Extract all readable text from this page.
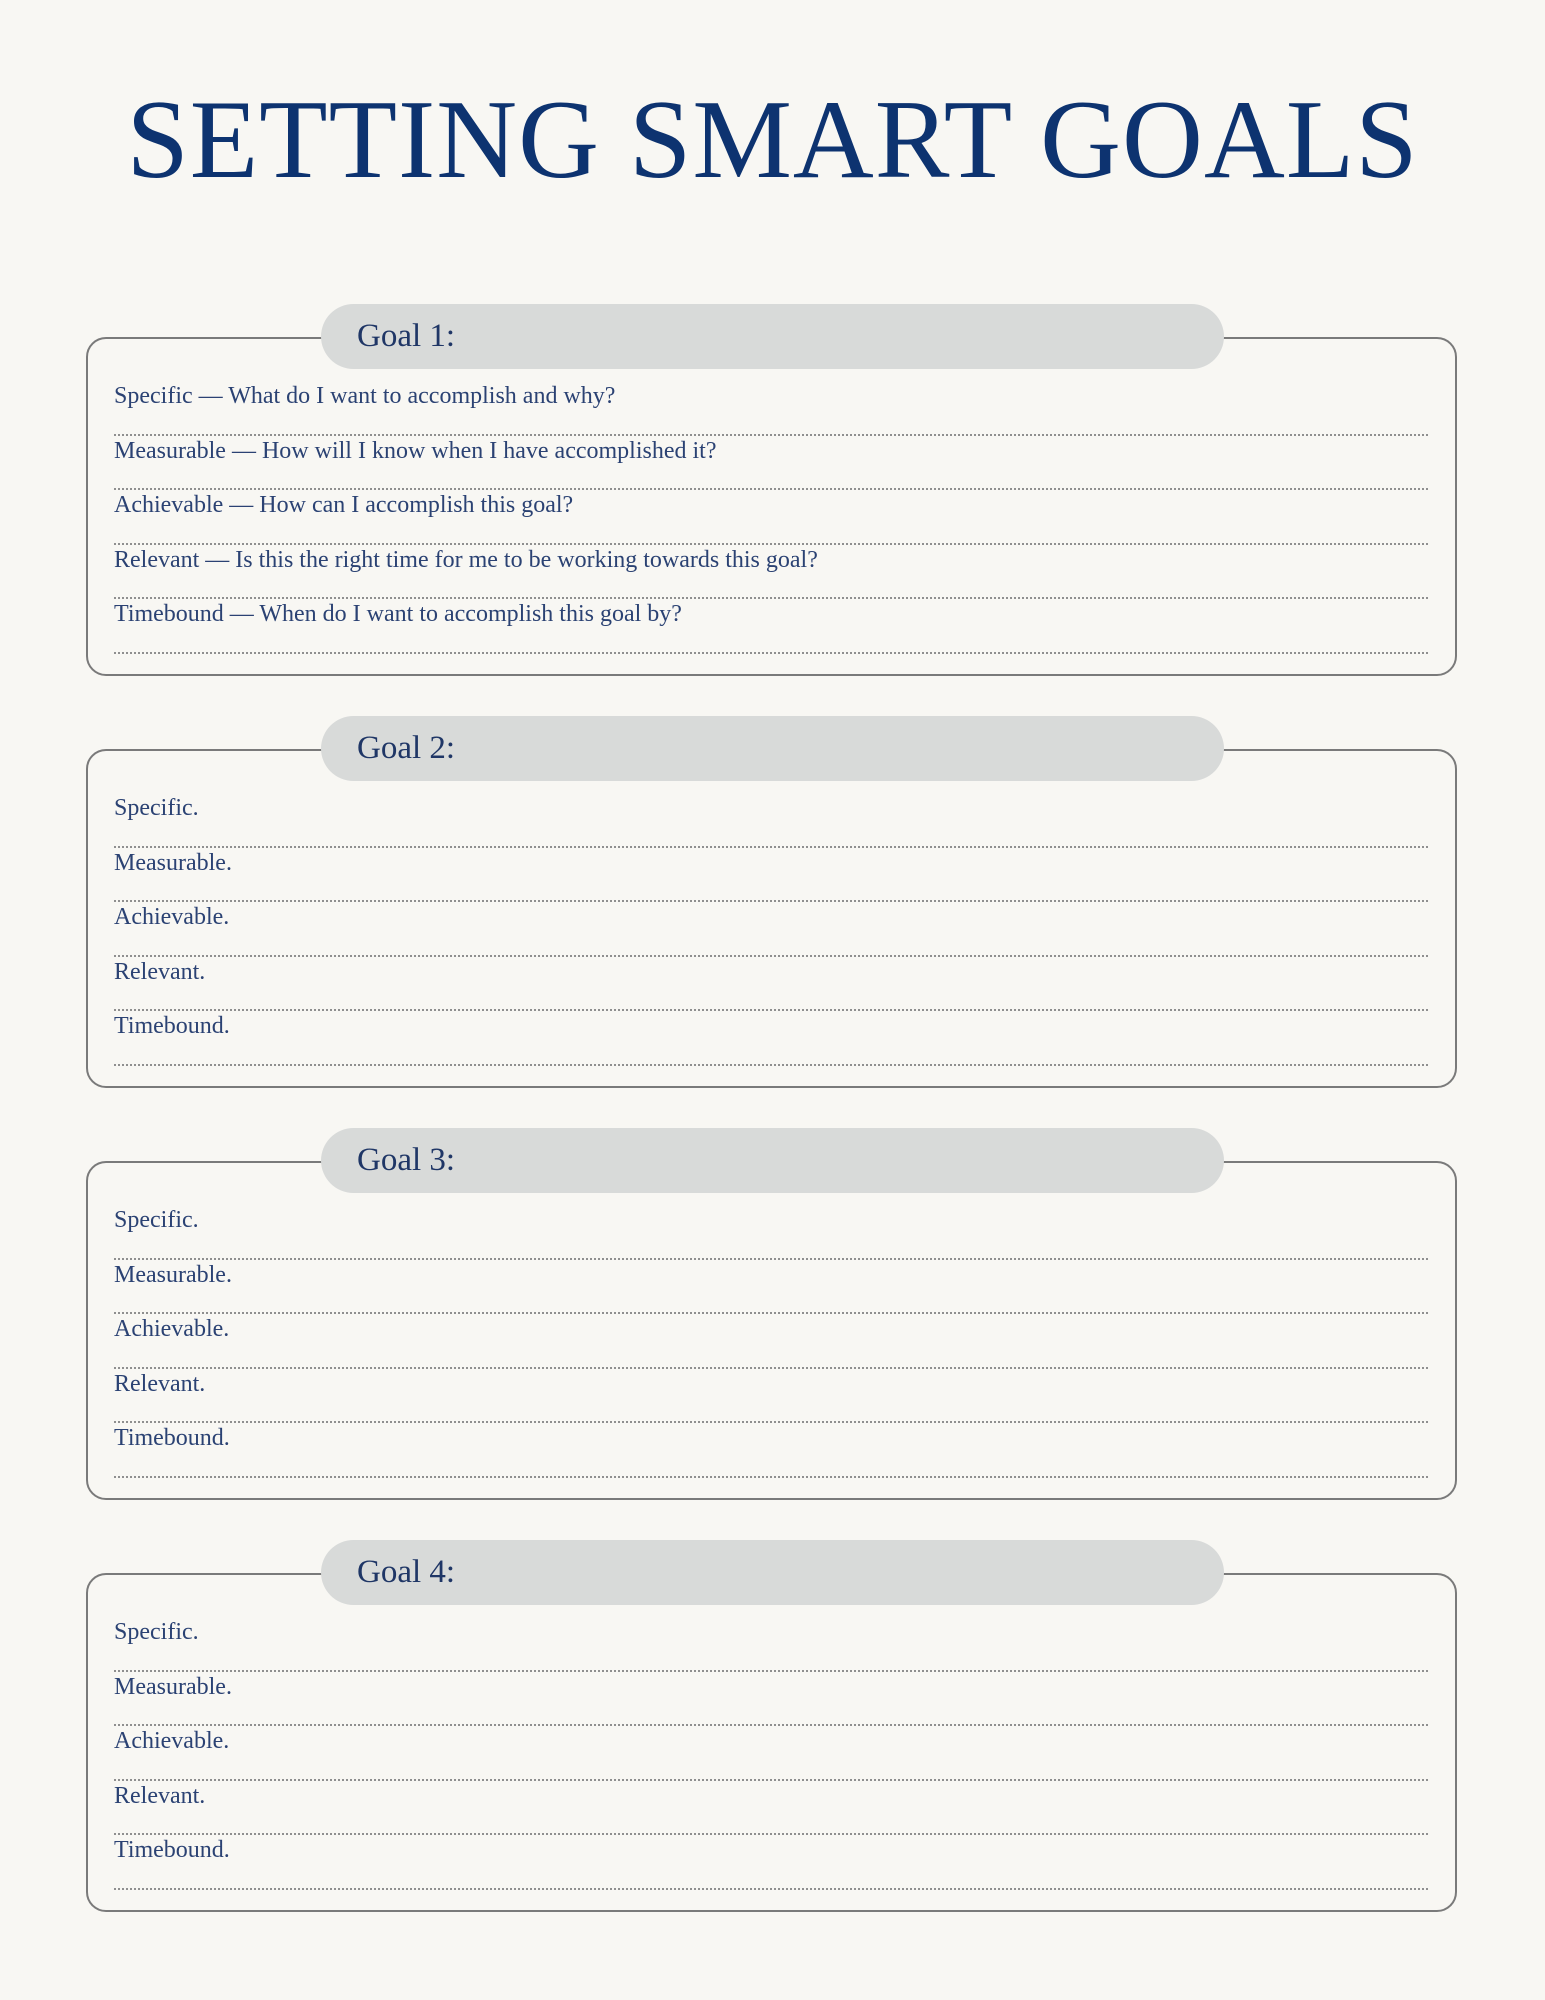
SETTING SMART GOALS
Goal 1:
Specific — What do I want to accomplish and why?
Measurable — How will I know when I have accomplished it?
Achievable — How can I accomplish this goal?
Relevant — Is this the right time for me to be working towards this goal?
Timebound — When do I want to accomplish this goal by?
Goal 2:
Specific.
Measurable.
Achievable.
Relevant.
Timebound.
Goal 3:
Specific.
Measurable.
Achievable.
Relevant.
Timebound.
Goal 4:
Specific.
Measurable.
Achievable.
Relevant.
Timebound.
